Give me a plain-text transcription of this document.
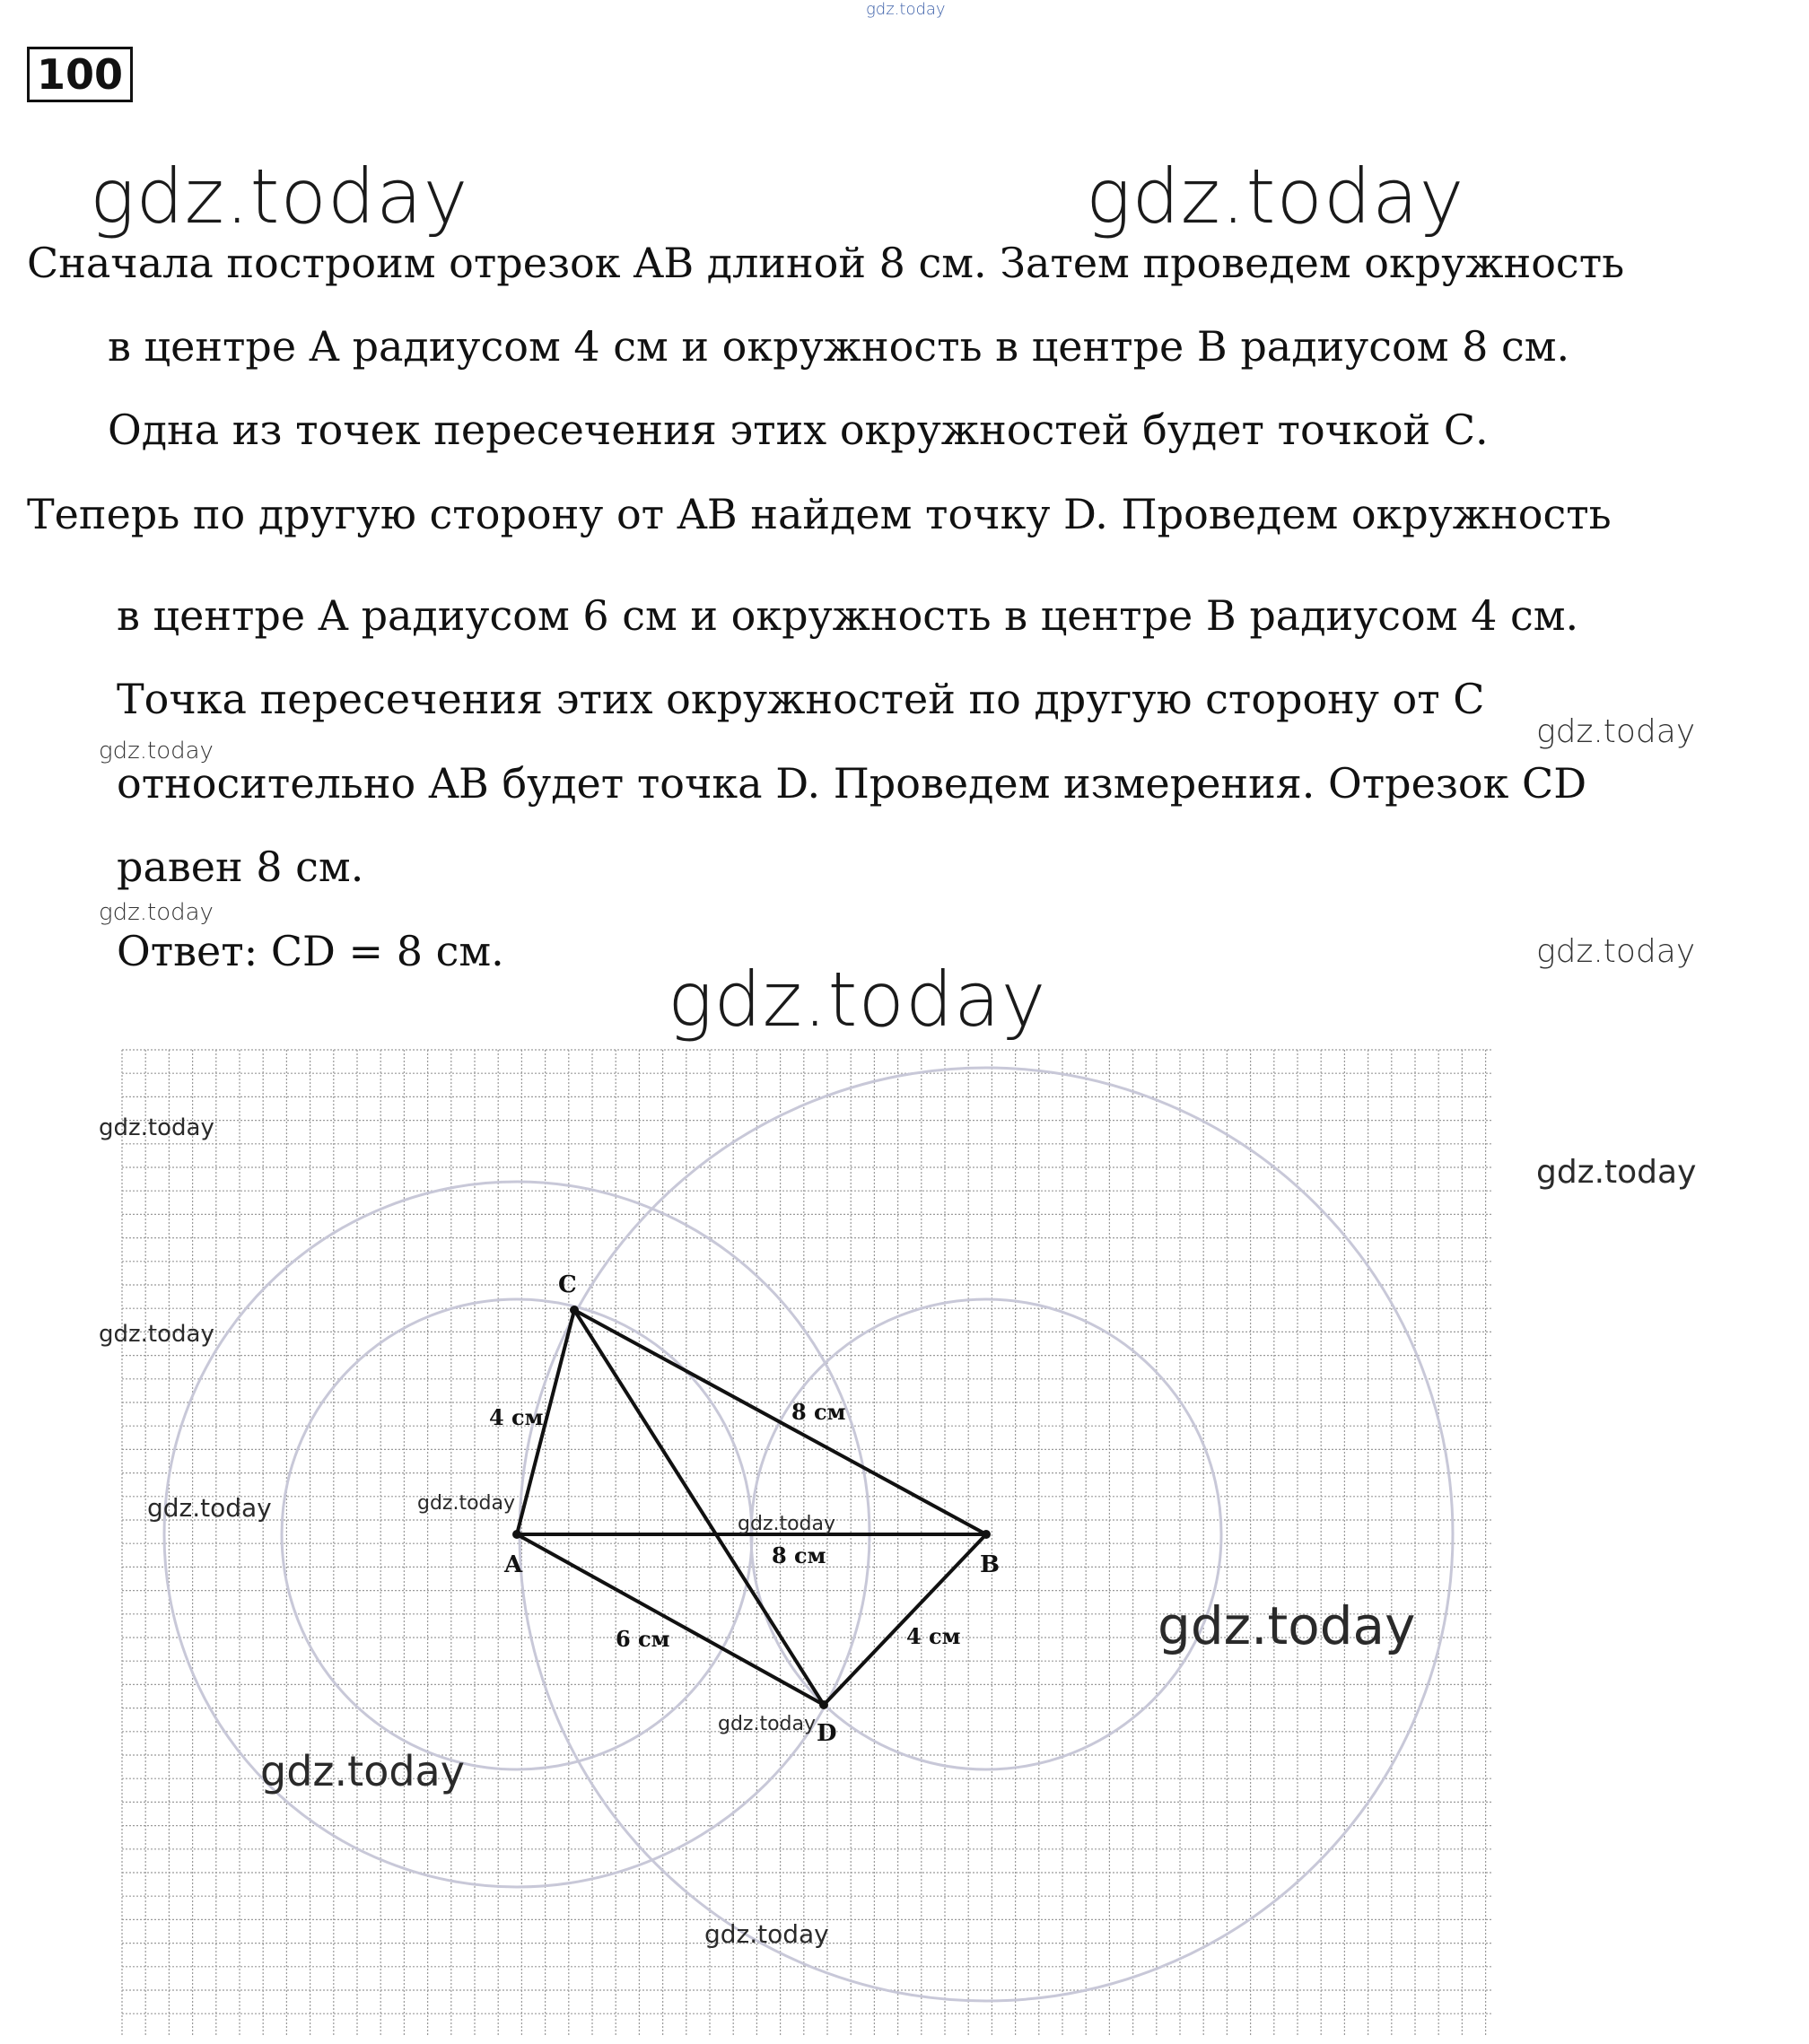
100
gdz.today
gdz.today	gdz.today
gdz.today
gdz.today
gdz.today
gdz.today
gdz.today
Сначала построим отрезок AB длиной 8 см. Затем проведем окружность
в центре A радиусом 4 см и окружность в центре B радиусом 8 см.
Одна из точек пересечения этих окружностей будет точкой С.
Теперь по другую сторону от AB найдем точку D. Проведем окружность
в центре A радиусом 6 см и окружность в центре B радиусом 4 см.
Точка пересечения этих окружностей по другую сторону от C
относительно AB будет точка D. Проведем измерения. Отрезок CD
равен 8 см.
Ответ: CD = 8 см.
A	B
C
D
4 см	8 см
8 см
6 см	4 см
gdz.today
gdz.today
gdz.today
gdz.today	gdz.today
gdz.today
gdz.today
gdz.today
gdz.today
gdz.today
